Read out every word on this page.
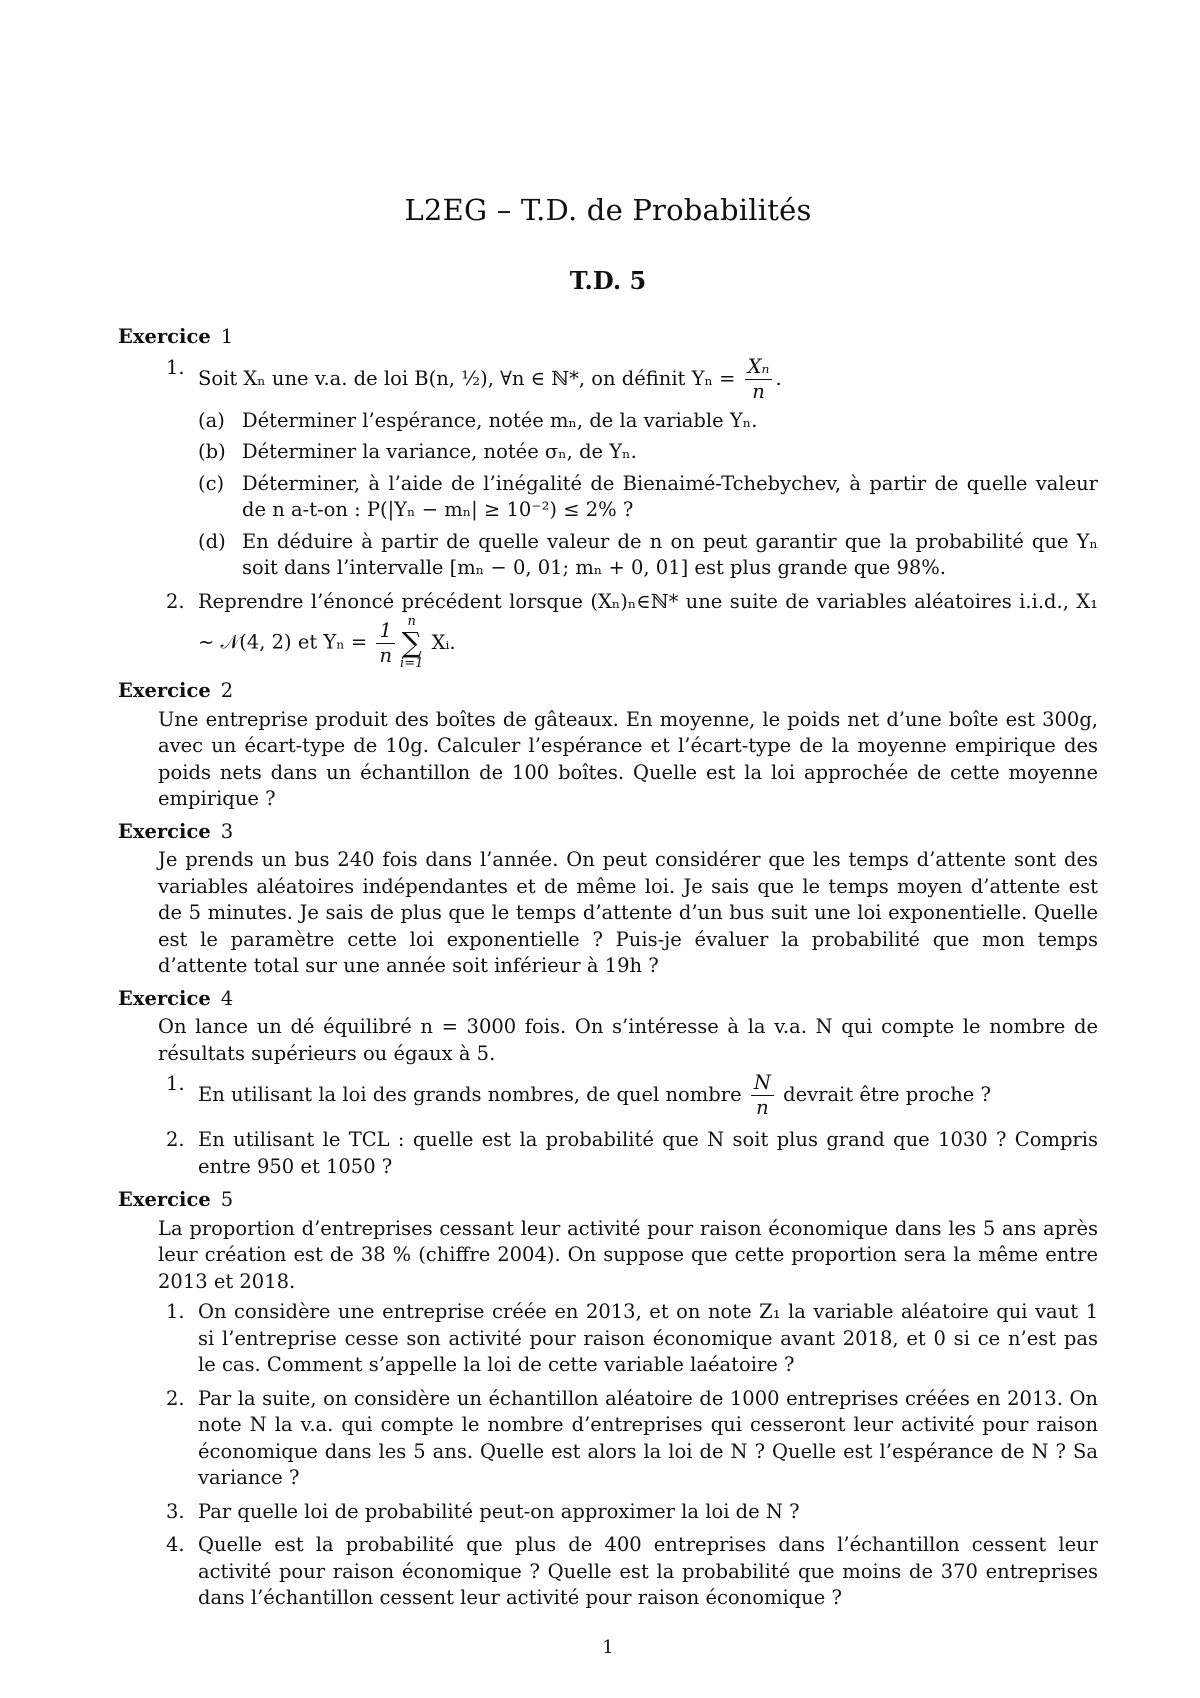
L2EG – T.D. de Probabilités
T.D. 5
Exercice 1
1. Soit Xₙ une v.a. de loi B(n, ½), ∀n ∈ ℕ*, on définit $Y_n = \frac{\text{Xₙ}}{n}$ .
(a) Déterminer l’espérance, notée mₙ, de la variable Yₙ.
(b) Déterminer la variance, notée σₙ, de Yₙ.
(c) Déterminer, à l’aide de l’inégalité de Bienaimé-Tchebychev, à partir de quelle valeur de n a-t-on : P(|Yₙ − mₙ| ≥ 10⁻²) ≤ 2% ?
(d) En déduire à partir de quelle valeur de n on peut garantir que la probabilité que Yₙ soit dans l’intervalle [mₙ − 0, 01; mₙ + 0, 01] est plus grande que 98%.
2. Reprendre l’énoncé précédent lorsque (Xₙ)ₙ∈ℕ* une suite de variables aléatoires i.i.d., X₁ ∼ 𝒩(4, 2) et $Y_n = \frac{1}{n}$ n
∑
i=1
Xᵢ.
Exercice 2
Une entreprise produit des boîtes de gâteaux. En moyenne, le poids net d’une boîte est 300g, avec un écart-type de 10g. Calculer l’espérance et l’écart-type de la moyenne empirique des poids nets dans un échantillon de 100 boîtes. Quelle est la loi approchée de cette moyenne empirique ?
Exercice 3
Je prends un bus 240 fois dans l’année. On peut considérer que les temps d’attente sont des variables aléatoires indépendantes et de même loi. Je sais que le temps moyen d’attente est de 5 minutes. Je sais de plus que le temps d’attente d’un bus suit une loi exponentielle. Quelle est le paramètre cette loi exponentielle ? Puis-je évaluer la probabilité que mon temps d’attente total sur une année soit inférieur à 19h ?
Exercice 4
On lance un dé équilibré n = 3000 fois. On s’intéresse à la v.a. N qui compte le nombre de résultats supérieurs ou égaux à 5.
1. En utilisant la loi des grands nombres, de quel nombre $\frac{N}{n}$ devrait être proche ?
2. En utilisant le TCL : quelle est la probabilité que N soit plus grand que 1030 ? Compris entre 950 et 1050 ?
Exercice 5
La proportion d’entreprises cessant leur activité pour raison économique dans les 5 ans après leur création est de 38 % (chiffre 2004). On suppose que cette proportion sera la même entre 2013 et 2018.
1. On considère une entreprise créée en 2013, et on note Z₁ la variable aléatoire qui vaut 1 si l’entreprise cesse son activité pour raison économique avant 2018, et 0 si ce n’est pas le cas. Comment s’appelle la loi de cette variable laéatoire ?
2. Par la suite, on considère un échantillon aléatoire de 1000 entreprises créées en 2013. On note N la v.a. qui compte le nombre d’entreprises qui cesseront leur activité pour raison économique dans les 5 ans. Quelle est alors la loi de N ? Quelle est l’espérance de N ? Sa variance ?
3. Par quelle loi de probabilité peut-on approximer la loi de N ?
4. Quelle est la probabilité que plus de 400 entreprises dans l’échantillon cessent leur activité pour raison économique ? Quelle est la probabilité que moins de 370 entreprises dans l’échantillon cessent leur activité pour raison économique ?
1
